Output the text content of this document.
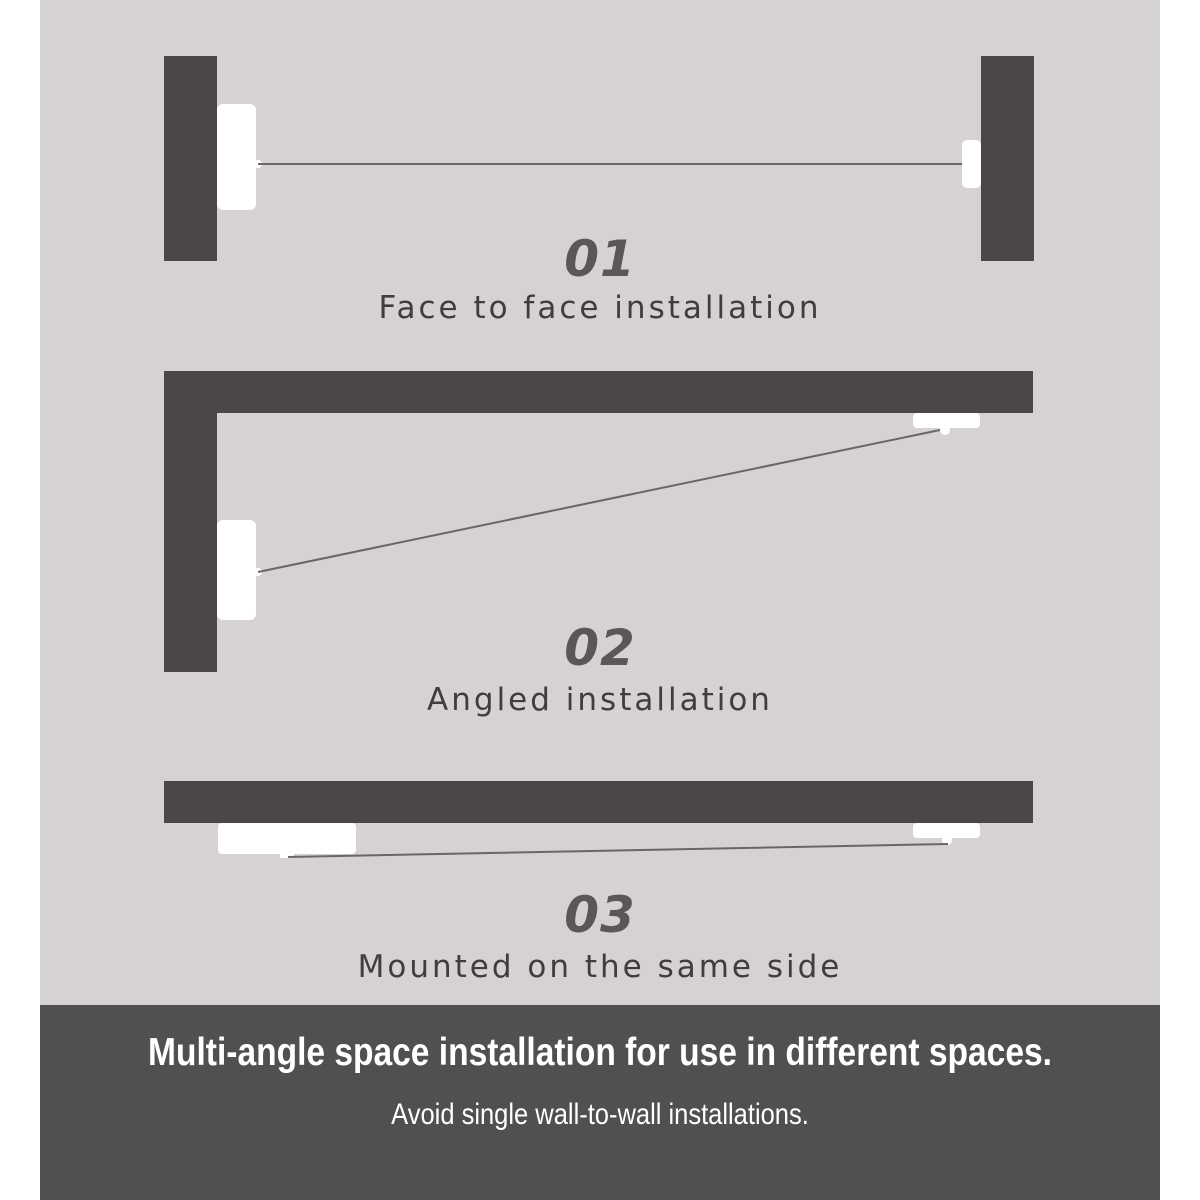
01
Face to face installation
02
Angled installation
03
Mounted on the same side
Multi-angle space installation for use in different spaces.
Avoid single wall-to-wall installations.
